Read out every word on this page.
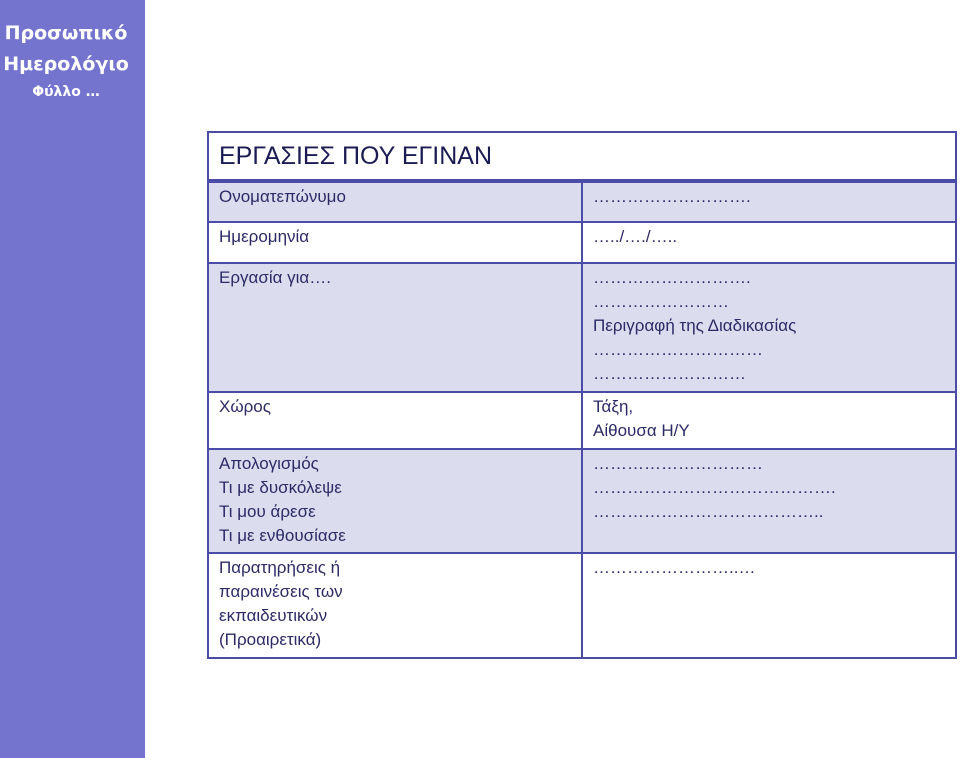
Προσωπικό
Ημερολόγιο
Φύλλο …
ΕΡΓΑΣΙΕΣ ΠΟΥ ΕΓΙΝΑΝ	

Ονοματεπώνυμο	……………………….

Ημερομηνία	…../…./…..

Εργασία για….	……………………….
……………………
Περιγραφή της Διαδικασίας
…………………………
………………………

Χώρος	Τάξη,
Αίθουσα Η/Υ

Απολογισμός
Τι με δυσκόλεψε
Τι μου άρεσε
Τι με ενθουσίασε	…………………………
…………………………………….
…………………………………..

Παρατηρήσεις ή
παραινέσεις των
εκπαιδευτικών
(Προαιρετικά)	……………………..…
